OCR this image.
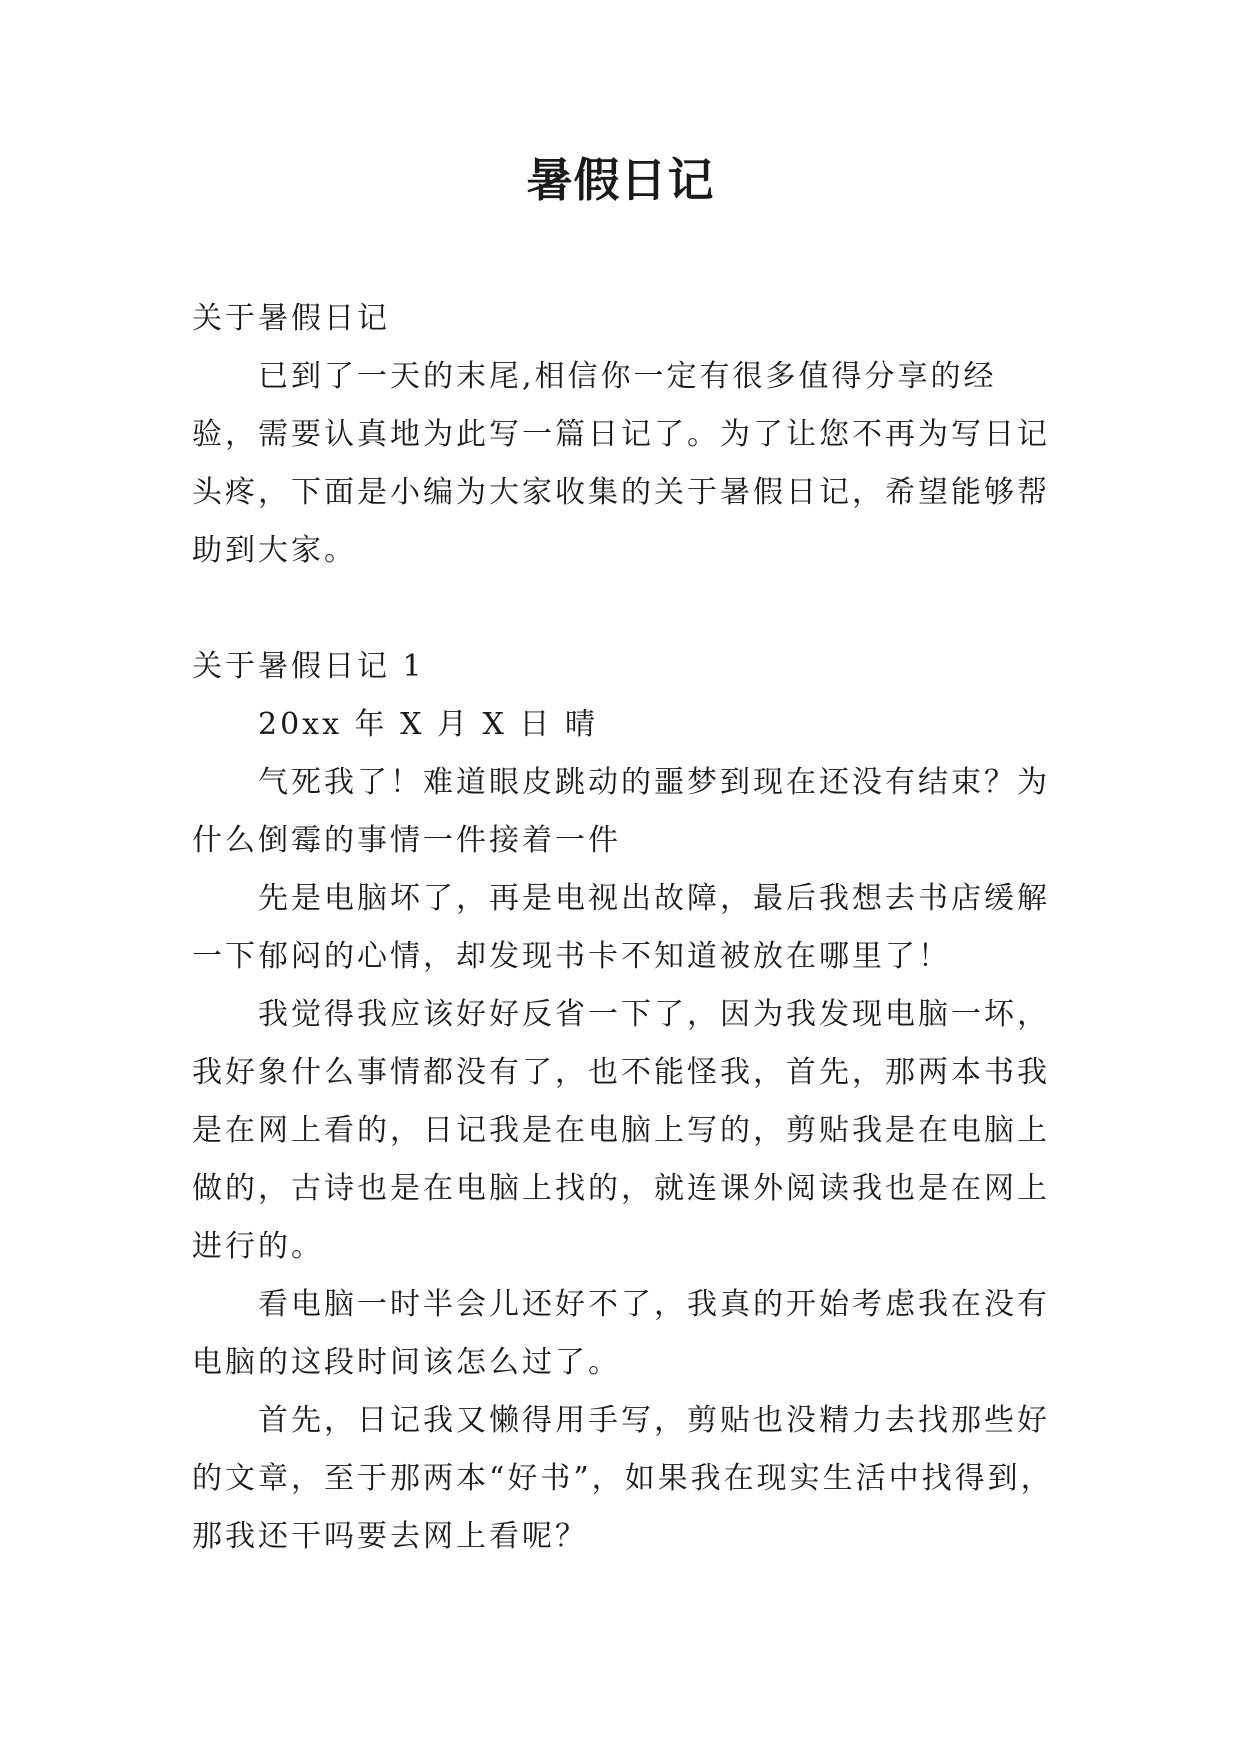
暑假日记

关于暑假日记

已到了一天的末尾,相信你一定有很多值得分享的经验，需要认真地为此写一篇日记了。为了让您不再为写日记头疼，下面是小编为大家收集的关于暑假日记，希望能够帮助到大家。

关于暑假日记 1

20xx 年 X 月 X 日 晴

气死我了！难道眼皮跳动的噩梦到现在还没有结束？为什么倒霉的事情一件接着一件

先是电脑坏了，再是电视出故障，最后我想去书店缓解一下郁闷的心情，却发现书卡不知道被放在哪里了！

我觉得我应该好好反省一下了，因为我发现电脑一坏，我好象什么事情都没有了，也不能怪我，首先，那两本书我是在网上看的，日记我是在电脑上写的，剪贴我是在电脑上做的，古诗也是在电脑上找的，就连课外阅读我也是在网上进行的。

看电脑一时半会儿还好不了，我真的开始考虑我在没有电脑的这段时间该怎么过了。

首先，日记我又懒得用手写，剪贴也没精力去找那些好的文章，至于那两本“好书”，如果我在现实生活中找得到，那我还干吗要去网上看呢？
